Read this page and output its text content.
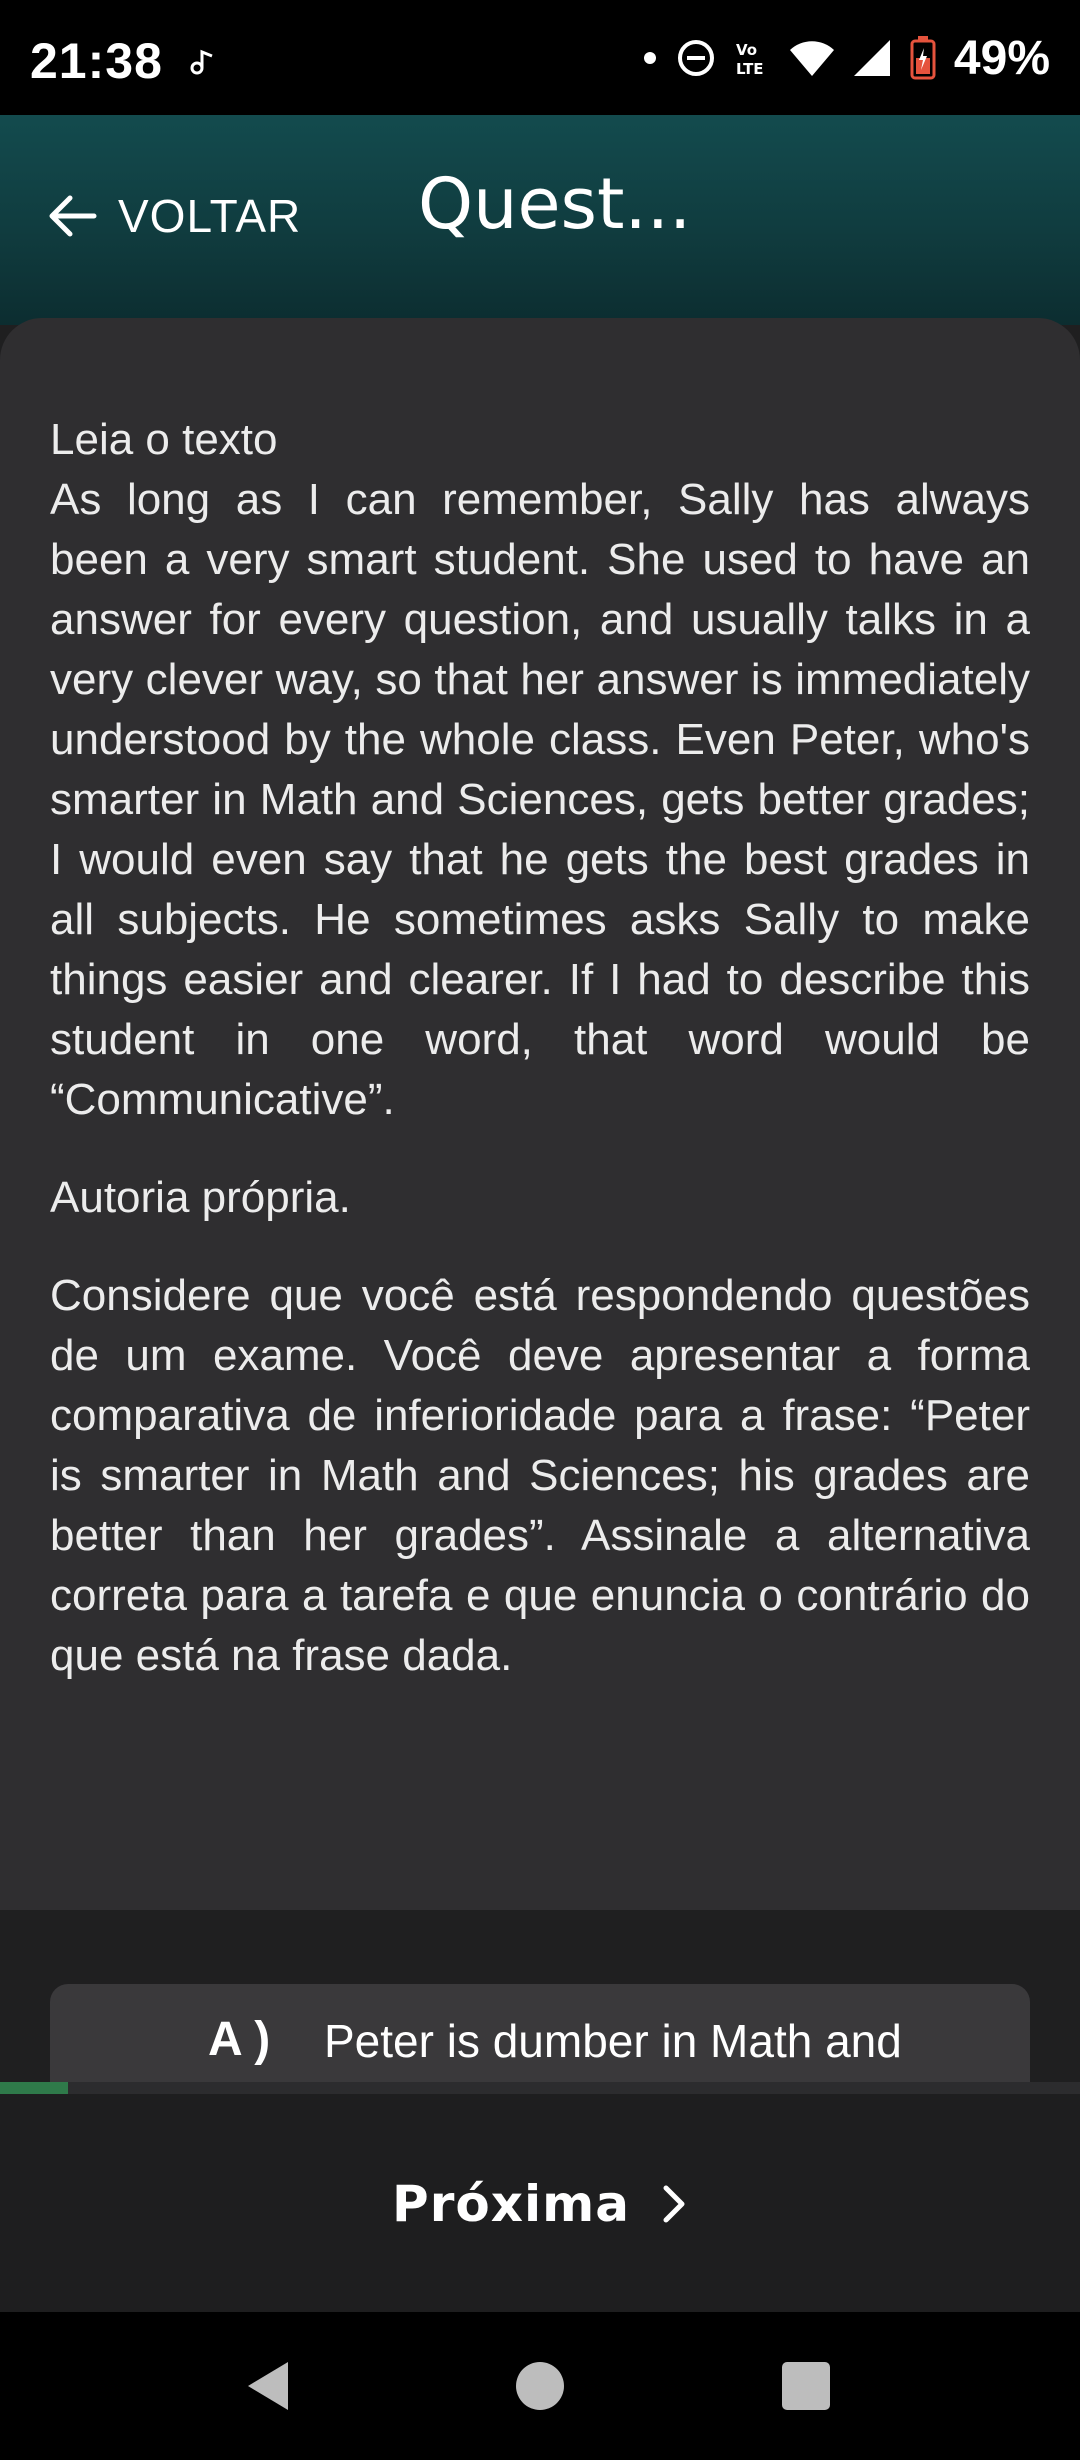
21:38	Vo
LTE	49%
VOLTAR Quest...
Leia o texto
As long as I can remember, Sally has always been a very smart student. She used to have an answer for every question, and usually talks in a very clever way, so that her answer is immediately understood by the whole class. Even Peter, who's smarter in Math and Sciences, gets better grades; I would even say that he gets the best grades in all subjects. He sometimes asks Sally to make things easier and clearer. If I had to describe this student in one word, that word would be “Communicative”.
Autoria própria.
Considere que você está respondendo questões de um exame. Você deve apresentar a forma comparativa de inferioridade para a frase: “Peter is smarter in Math and Sciences; his grades are better than her grades”. Assinale a alternativa correta para a tarefa e que enuncia o contrário do que está na frase dada.
A ) Peter is dumber in Math and
Próxima
